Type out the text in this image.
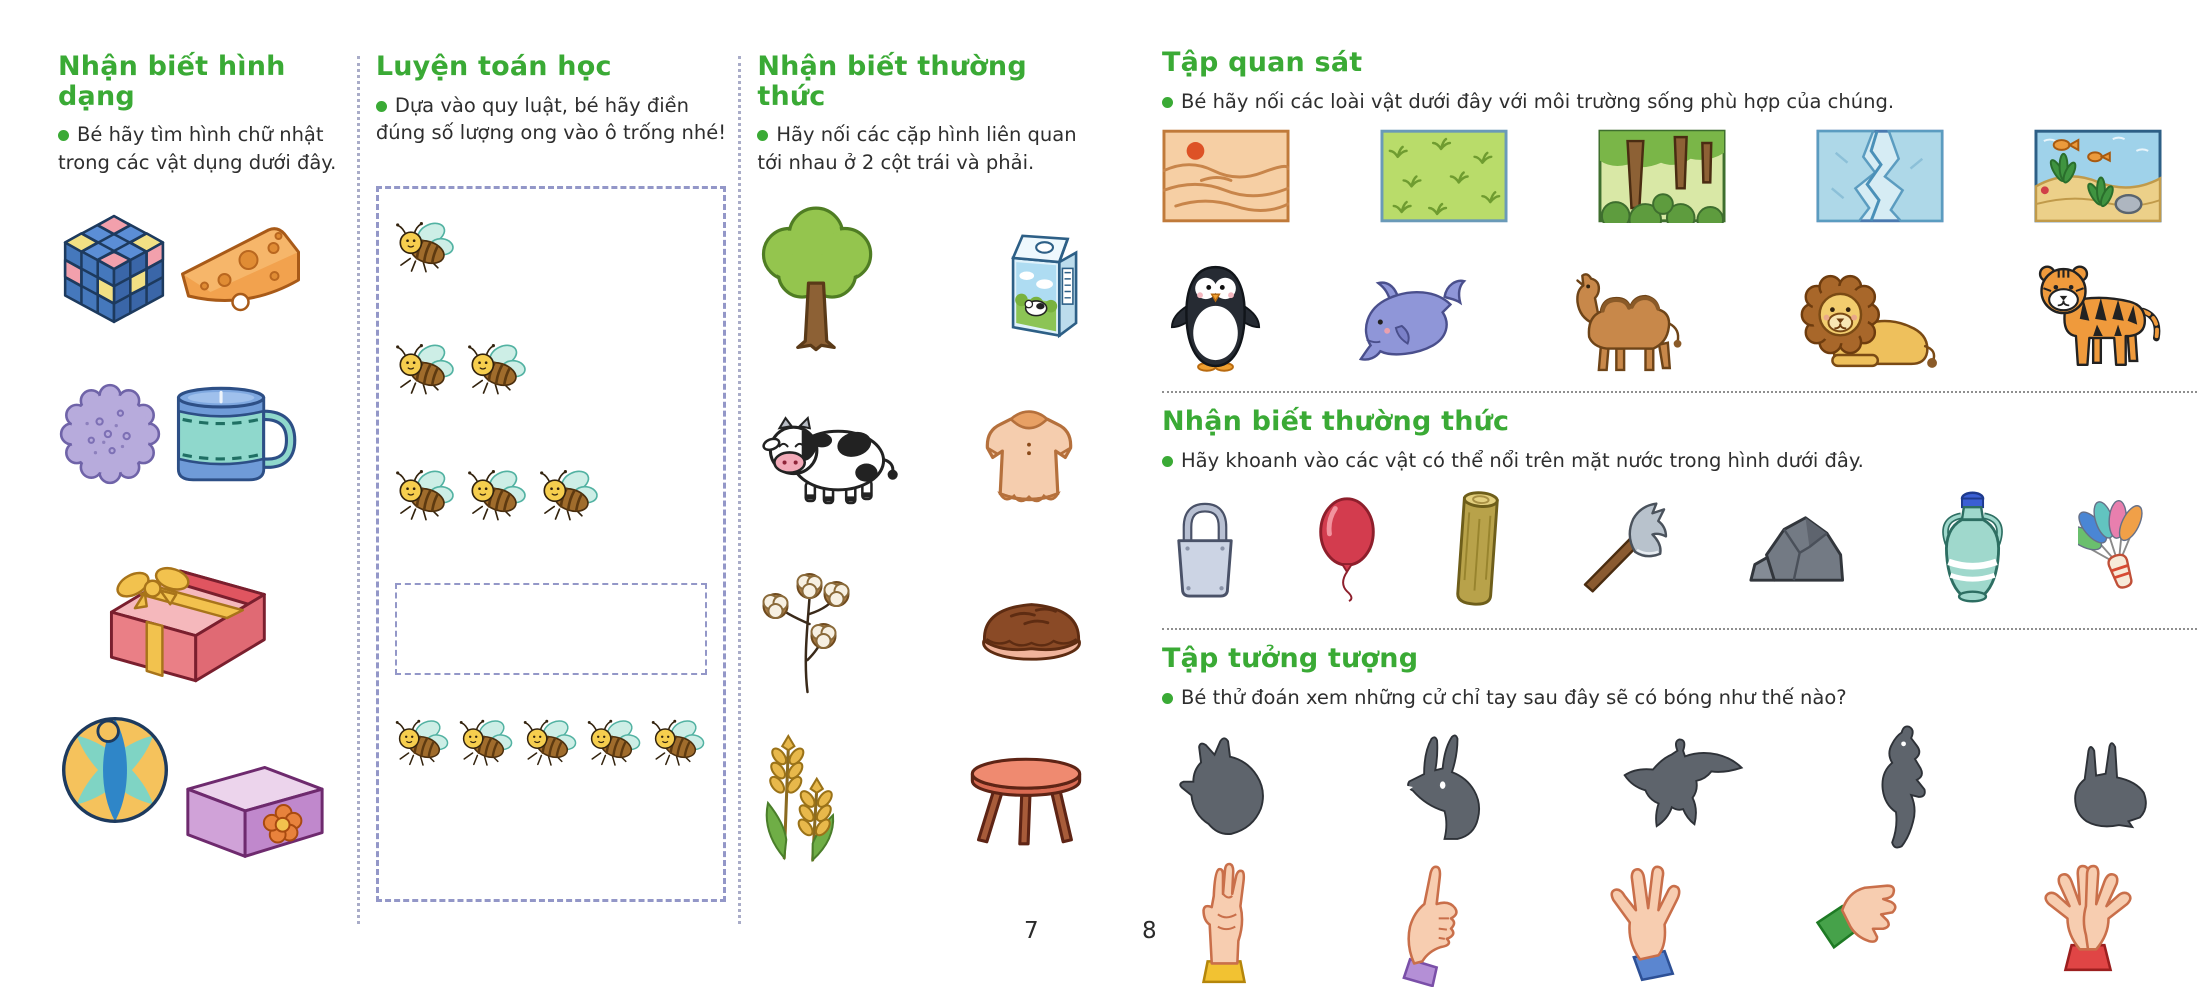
Nhận biết hình dạng

Bé hãy tìm hình chữ nhật trong các vật dụng dưới đây.

Luyện toán học

Dựa vào quy luật, bé hãy điền đúng số lượng ong vào ô trống nhé!

Nhận biết thường thức

Hãy nối các cặp hình liên quan tới nhau ở 2 cột trái và phải.

Tập quan sát

Bé hãy nối các loài vật dưới đây với môi trường sống phù hợp của chúng.

Nhận biết thường thức

Hãy khoanh vào các vật có thể nổi trên mặt nước trong hình dưới đây.

Tập tưởng tượng

Bé thử đoán xem những cử chỉ tay sau đây sẽ có bóng như thế nào?

7	8
